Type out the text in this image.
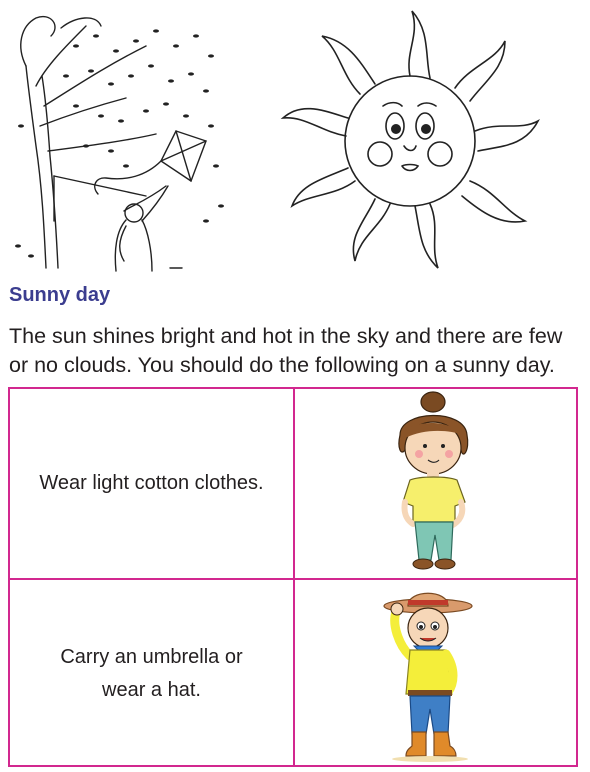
Sunny day
The sun shines bright and hot in the sky and there are few or no clouds. You should do the following on a sunny day.
Wear light cotton clothes.
Carry an umbrella or wear a hat.
